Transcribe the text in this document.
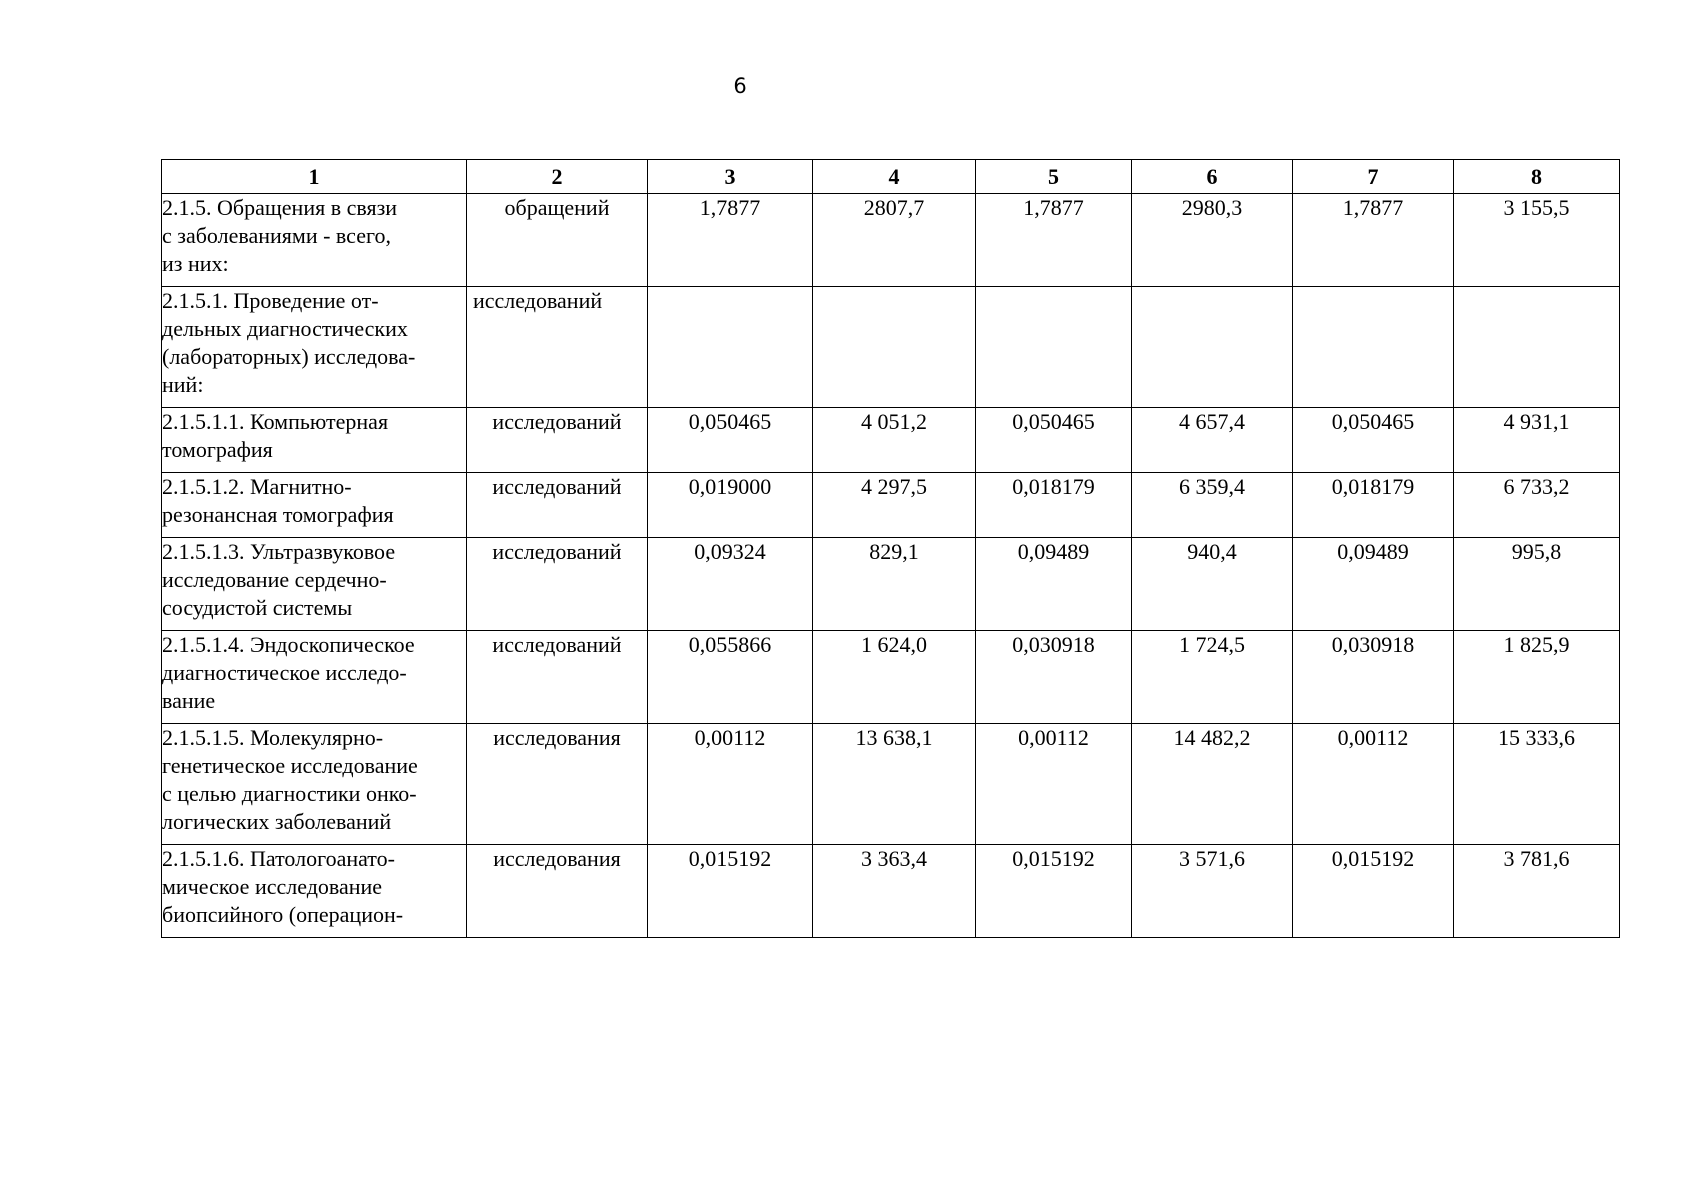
6
1	2	3	4	5	6	7	8

2.1.5. Обращения в связи
с заболеваниями - всего,
из них:	обращений	1,7877	2807,7	1,7877	2980,3	1,7877	3 155,5

2.1.5.1. Проведение от-
дельных диагностических
(лабораторных) исследова-
ний:	исследований						

2.1.5.1.1. Компьютерная
томография	исследований	0,050465	4 051,2	0,050465	4 657,4	0,050465	4 931,1

2.1.5.1.2. Магнитно-
резонансная томография	исследований	0,019000	4 297,5	0,018179	6 359,4	0,018179	6 733,2

2.1.5.1.3. Ультразвуковое
исследование сердечно-
сосудистой системы	исследований	0,09324	829,1	0,09489	940,4	0,09489	995,8

2.1.5.1.4. Эндоскопическое
диагностическое исследо-
вание	исследований	0,055866	1 624,0	0,030918	1 724,5	0,030918	1 825,9

2.1.5.1.5. Молекулярно-
генетическое исследование
с целью диагностики онко-
логических заболеваний	исследования	0,00112	13 638,1	0,00112	14 482,2	0,00112	15 333,6

2.1.5.1.6. Патологоанато-
мическое исследование
биопсийного (операцион-	исследования	0,015192	3 363,4	0,015192	3 571,6	0,015192	3 781,6
